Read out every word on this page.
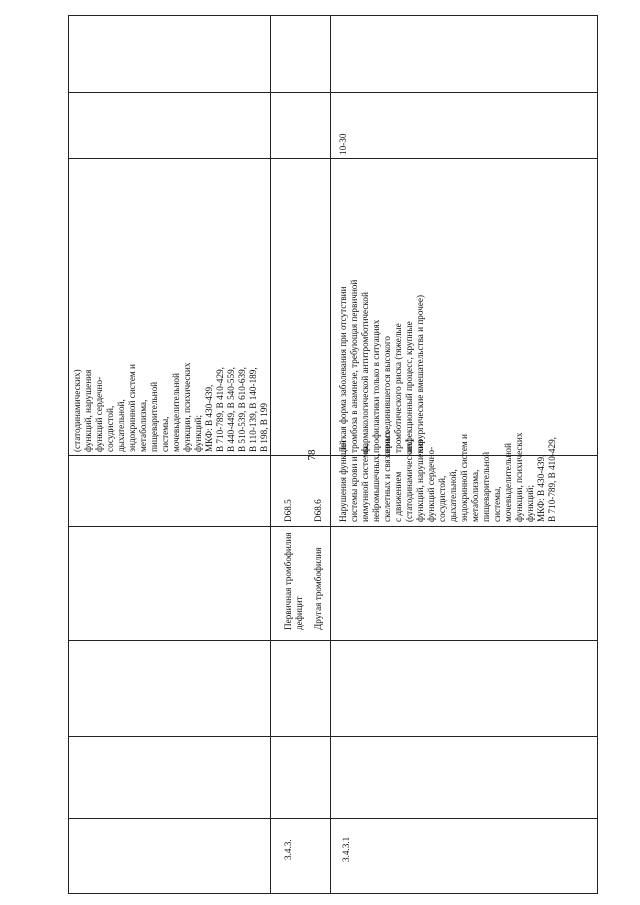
78
3.4.3.
Первичная тромбофилия
дефицит
D68.5
Другая тромбофилия
D68.6
(статодинамических)
функций, нарушения
функций сердечно-
сосудистой,
дыхательной,
эндокринной систем и
метаболизма,
пищеварительной
системы,
мочевыделительной
функции, психических
функций;
МКФ: В 430-439,
В 710-789, В 410-429,
В 440-449, В 540-559,
В 510-539, В 610-639,
В 110-139, В 140-189,
В 198, В 199
3.4.3.1
Нарушения функций
системы крови и
иммунной системы,
нейромышечных,
скелетных и связанных
с движением
(статодинамических)
функций, нарушения
функций сердечно-
сосудистой,
дыхательной,
эндокринной систем и
метаболизма,
пищеварительной
системы,
мочевыделительной
функции, психических
функций;
МКФ: В 430-439,
В 710-789, В 410-429,
Легкая форма заболевания при отсутствии
тромбоза в анамнезе, требующая первичной
фармакологической антитромботической
профилактики только в ситуациях
присоединившегося высокого
тромботического риска (тяжелые
инфекционный процесс, крупные
хирургические вмешательства и прочее)
10-30
